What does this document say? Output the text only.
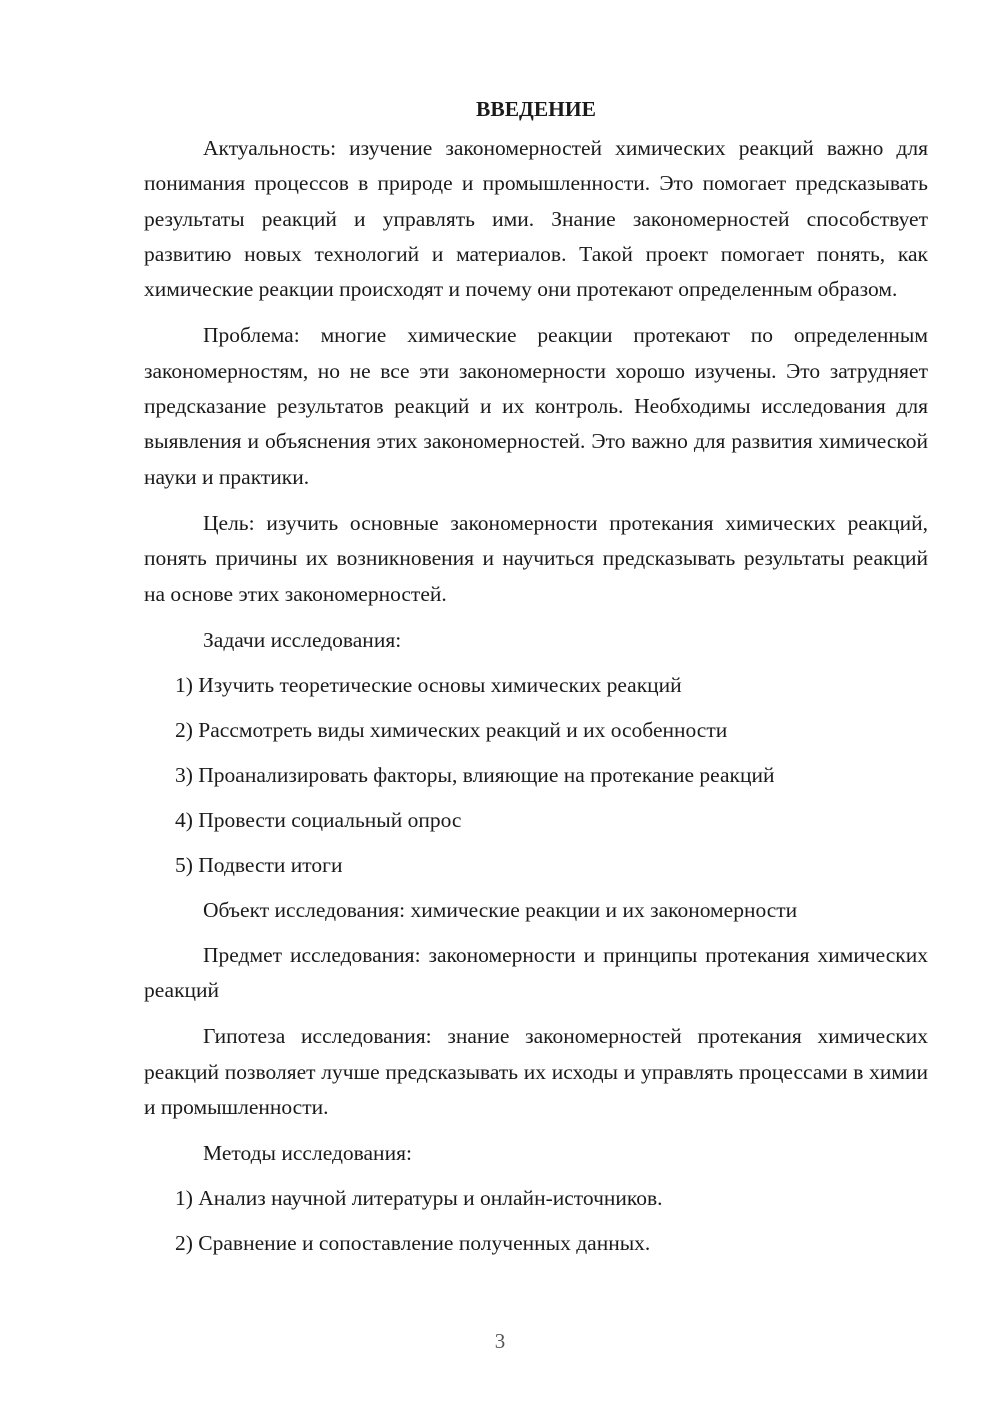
ВВЕДЕНИЕ

Актуальность: изучение закономерностей химических реакций важно для понимания процессов в природе и промышленности. Это помогает предсказывать результаты реакций и управлять ими. Знание закономерностей способствует развитию новых технологий и материалов. Такой проект помогает понять, как химические реакции происходят и почему они протекают определенным образом.

Проблема: многие химические реакции протекают по определенным закономерностям, но не все эти закономерности хорошо изучены. Это затрудняет предсказание результатов реакций и их контроль. Необходимы исследования для выявления и объяснения этих закономерностей. Это важно для развития химической науки и практики.

Цель: изучить основные закономерности протекания химических реакций, понять причины их возникновения и научиться предсказывать результаты реакций на основе этих закономерностей.

Задачи исследования:
1) Изучить теоретические основы химических реакций
2) Рассмотреть виды химических реакций и их особенности
3) Проанализировать факторы, влияющие на протекание реакций
4) Провести социальный опрос
5) Подвести итоги
Объект исследования: химические реакции и их закономерности

Предмет исследования: закономерности и принципы протекания химических реакций

Гипотеза исследования: знание закономерностей протекания химических реакций позволяет лучше предсказывать их исходы и управлять процессами в химии и промышленности.

Методы исследования:
1) Анализ научной литературы и онлайн-источников.
2) Сравнение и сопоставление полученных данных.
3
